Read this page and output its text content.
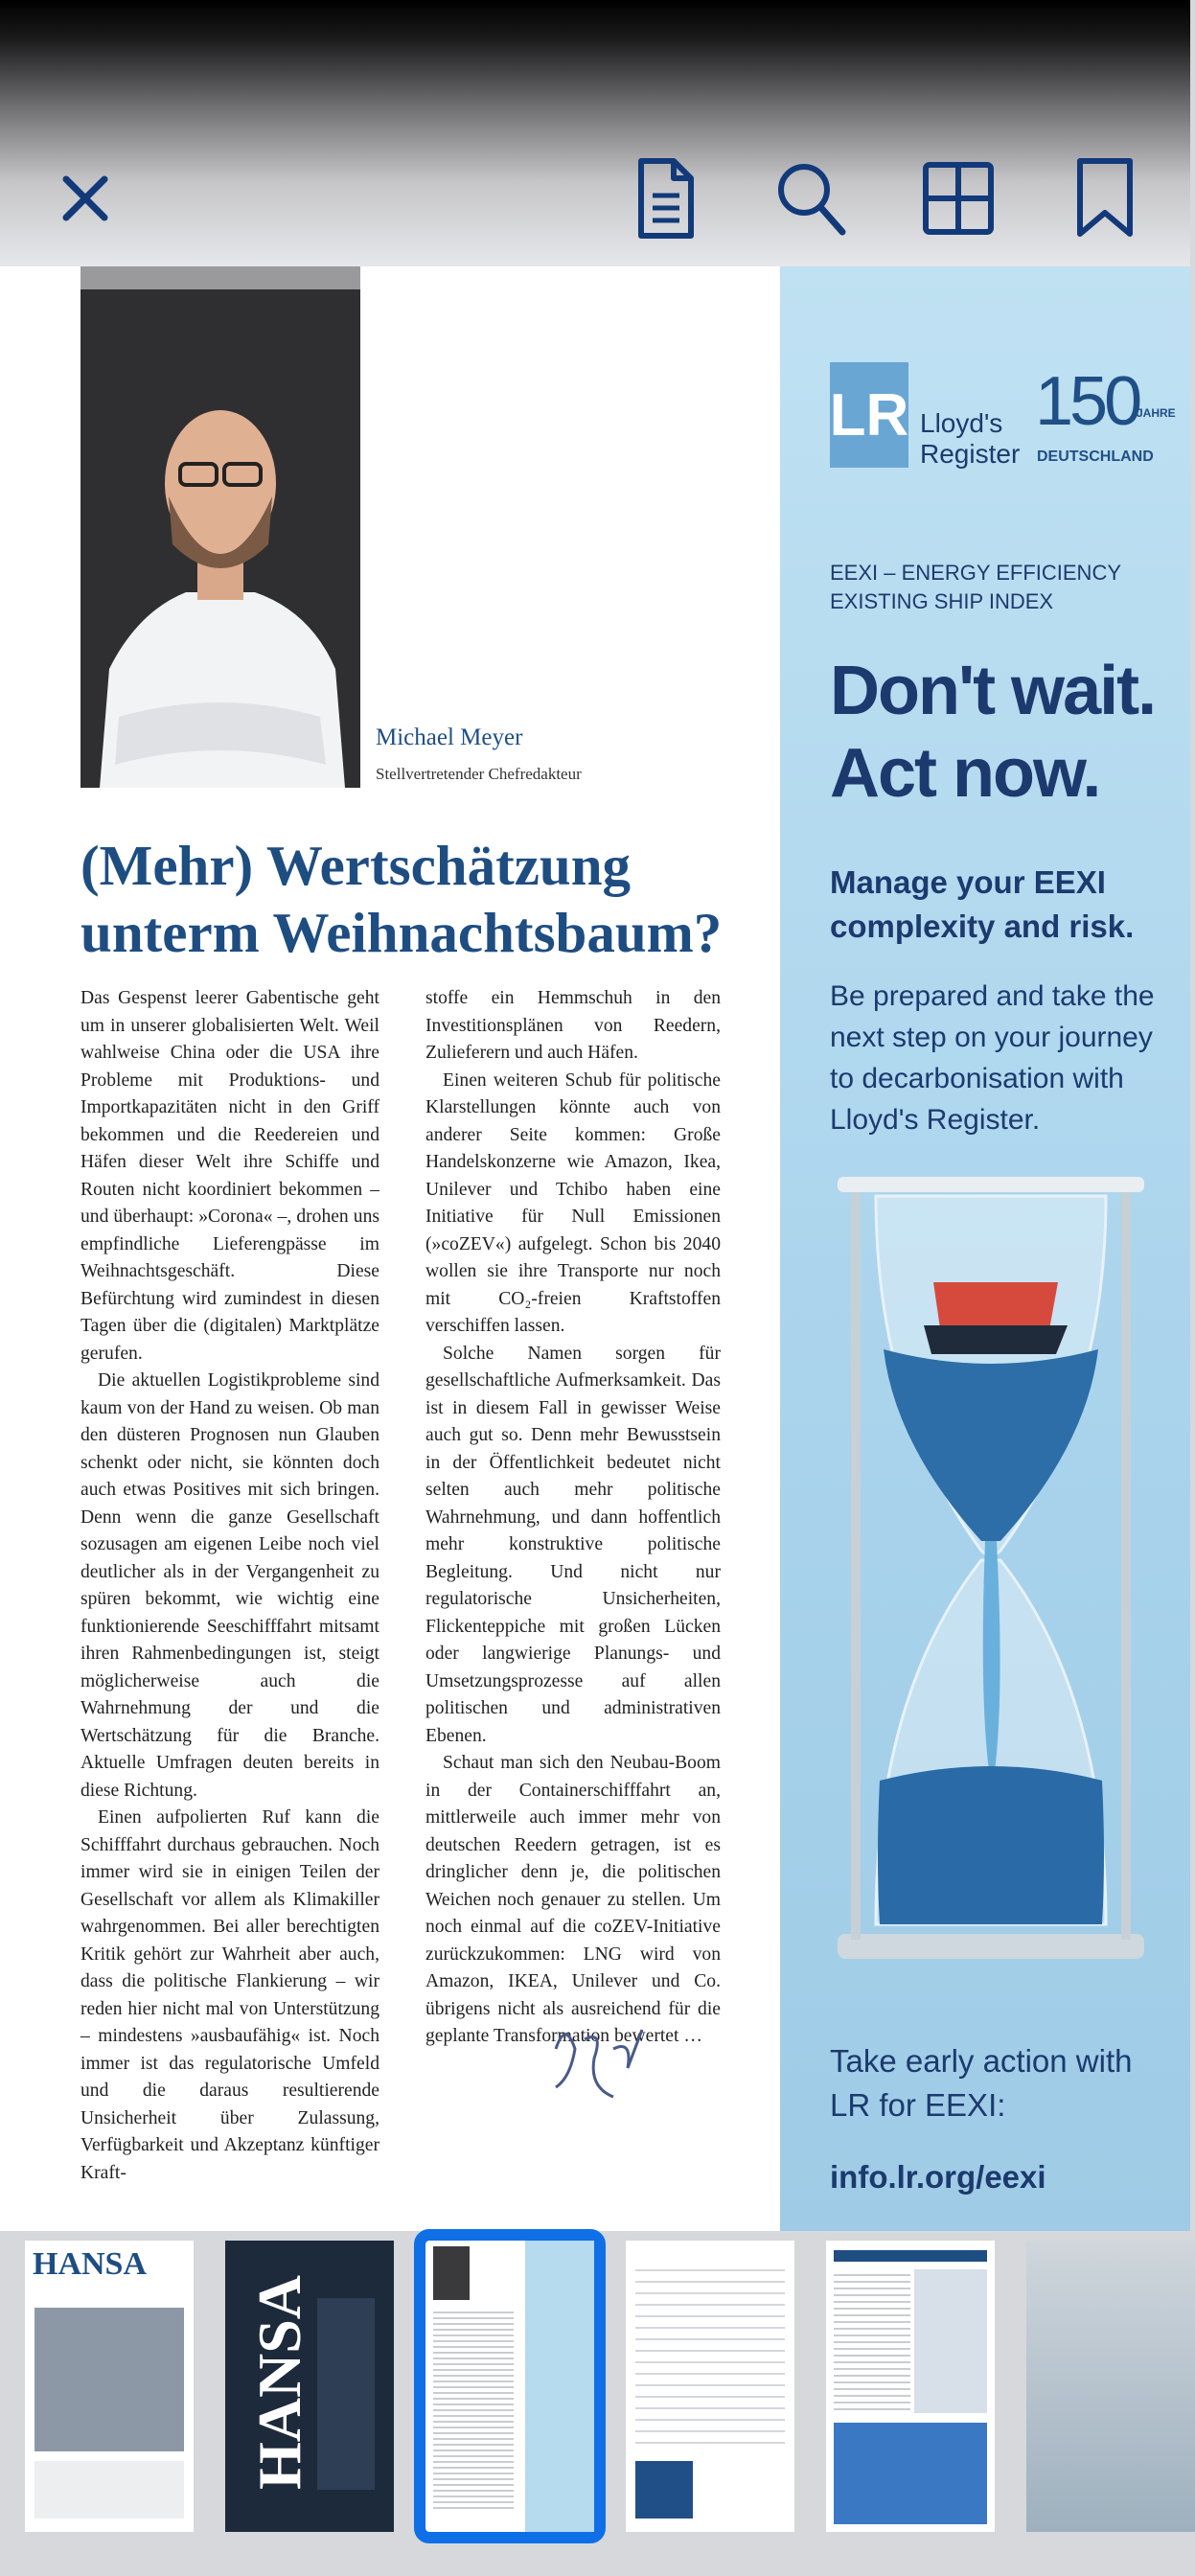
Michael Meyer
Stellvertretender Chefredakteur
(Mehr) Wertschätzung unterm Weihnachtsbaum?

Das Gespenst leerer Gabentische geht um in unserer globalisierten Welt. Weil wahlweise China oder die USA ihre Probleme mit Produktions- und Importkapazitäten nicht in den Griff bekommen und die Reedereien und Häfen dieser Welt ihre Schiffe und Routen nicht koordiniert bekommen – und überhaupt: »Corona« –, drohen uns empfindliche Lieferengpässe im Weihnachtsgeschäft. Diese Befürchtung wird zumindest in diesen Tagen über die (digitalen) Marktplätze gerufen.

Die aktuellen Logistikprobleme sind kaum von der Hand zu weisen. Ob man den düsteren Prognosen nun Glauben schenkt oder nicht, sie könnten doch auch etwas Positives mit sich bringen. Denn wenn die ganze Gesellschaft sozusagen am eigenen Leibe noch viel deutlicher als in der Vergangenheit zu spüren bekommt, wie wichtig eine funktionierende Seeschifffahrt mitsamt ihren Rahmenbedingungen ist, steigt möglicherweise auch die Wahrnehmung der und die Wertschätzung für die Branche. Aktuelle Umfragen deuten bereits in diese Richtung.

Einen aufpolierten Ruf kann die Schifffahrt durchaus gebrauchen. Noch immer wird sie in einigen Teilen der Gesellschaft vor allem als Klimakiller wahrgenommen. Bei aller berechtigten Kritik gehört zur Wahrheit aber auch, dass die politische Flankierung – wir reden hier nicht mal von Unterstützung – mindestens »ausbaufähig« ist. Noch immer ist das regulatorische Umfeld und die daraus resultierende Unsicherheit über Zulassung, Verfügbarkeit und Akzeptanz künftiger Kraft-

stoffe ein Hemmschuh in den Investitionsplänen von Reedern, Zulieferern und auch Häfen.

Einen weiteren Schub für politische Klarstellungen könnte auch von anderer Seite kommen: Große Handelskonzerne wie Amazon, Ikea, Unilever und Tchibo haben eine Initiative für Null Emissionen (»coZEV«) aufgelegt. Schon bis 2040 wollen sie ihre Transporte nur noch mit CO₂-freien Kraftstoffen verschiffen lassen.

Solche Namen sorgen für gesellschaftliche Aufmerksamkeit. Das ist in diesem Fall in gewisser Weise auch gut so. Denn mehr Bewusstsein in der Öffentlichkeit bedeutet nicht selten auch mehr politische Wahrnehmung, und dann hoffentlich mehr konstruktive politische Begleitung. Und nicht nur regulatorische Unsicherheiten, Flickenteppiche mit großen Lücken oder langwierige Planungs- und Umsetzungsprozesse auf allen politischen und administrativen Ebenen.

Schaut man sich den Neubau-Boom in der Containerschifffahrt an, mittlerweile auch immer mehr von deutschen Reedern getragen, ist es dringlicher denn je, die politischen Weichen noch genauer zu stellen. Um noch einmal auf die coZEV-Initiative zurückzukommen: LNG wird von Amazon, IKEA, Unilever und Co. übrigens nicht als ausreichend für die geplante Transformation bewertet …

LR Lloyd's
Register
150
JAHRE
DEUTSCHLAND
EEXI – ENERGY EFFICIENCY EXISTING SHIP INDEX
Don't wait.
Act now.
Manage your EEXI complexity and risk.
Be prepared and take the next step on your journey to decarbonisation with Lloyd's Register.
Take early action with LR for EEXI:
info.lr.org/eexi
HANSA
HANSA
